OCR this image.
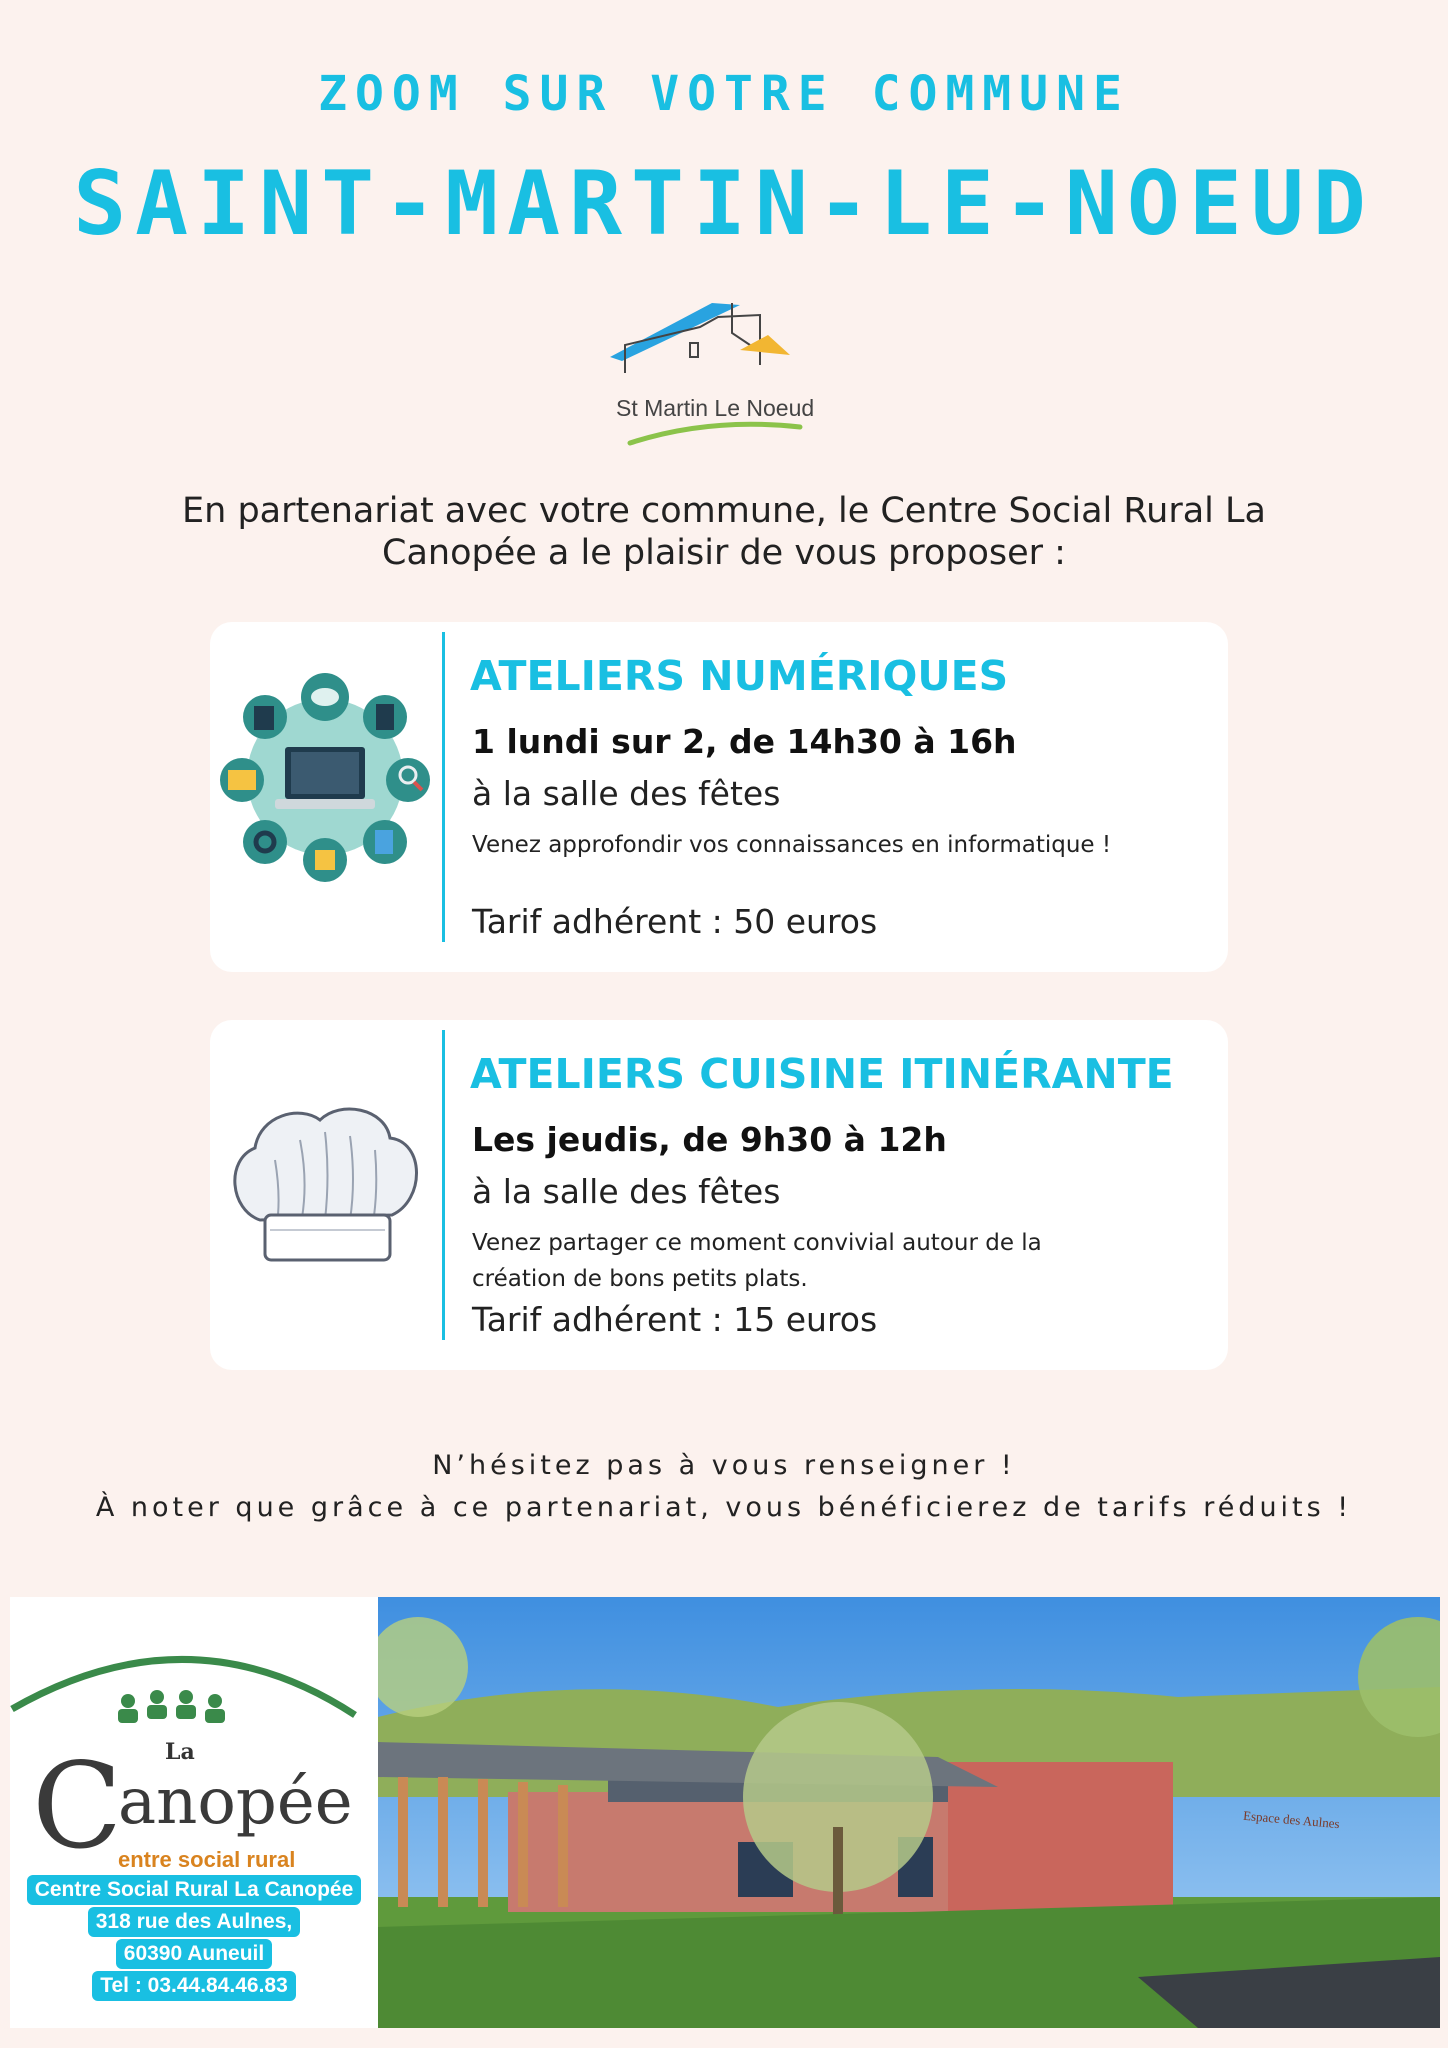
ZOOM SUR VOTRE COMMUNE
SAINT-MARTIN-LE-NOEUD
St Martin Le Noeud
En partenariat avec votre commune, le Centre Social Rural La
Canopée a le plaisir de vous proposer :
ATELIERS NUMÉRIQUES
1 lundi sur 2, de 14h30 à 16h
à la salle des fêtes
Venez approfondir vos connaissances en informatique !
Tarif adhérent : 50 euros
ATELIERS CUISINE ITINÉRANTE
Les jeudis, de 9h30 à 12h
à la salle des fêtes
Venez partager ce moment convivial autour de la création de bons petits plats.
Tarif adhérent : 15 euros
N’hésitez pas à vous renseigner !
À noter que grâce à ce partenariat, vous bénéficierez de tarifs réduits !
La
C
anopée
entre social rural
Centre Social Rural La Canopée
318 rue des Aulnes,
60390 Auneuil
Tel : 03.44.84.46.83
Espace des Aulnes
